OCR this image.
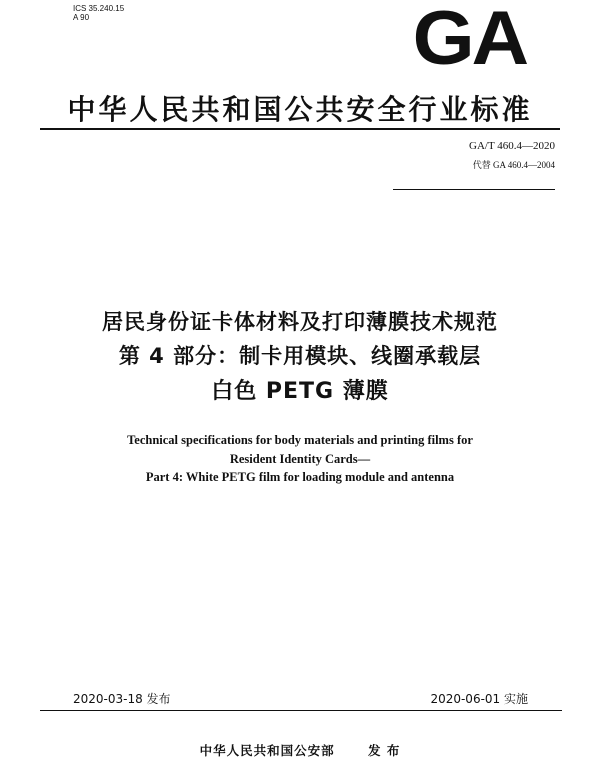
ICS 35.240.15
A 90	GA
中华人民共和国公共安全行业标准
GA/T 460.4—2020
代替 GA 460.4—2004
居民身份证卡体材料及打印薄膜技术规范
第 4 部分：制卡用模块、线圈承载层
白色 PETG 薄膜
Technical specifications for body materials and printing films for
Resident Identity Cards—
Part 4: White PETG film for loading module and antenna
2020-03-18 发布	2020-06-01 实施
中华人民共和国公安部	发 布
